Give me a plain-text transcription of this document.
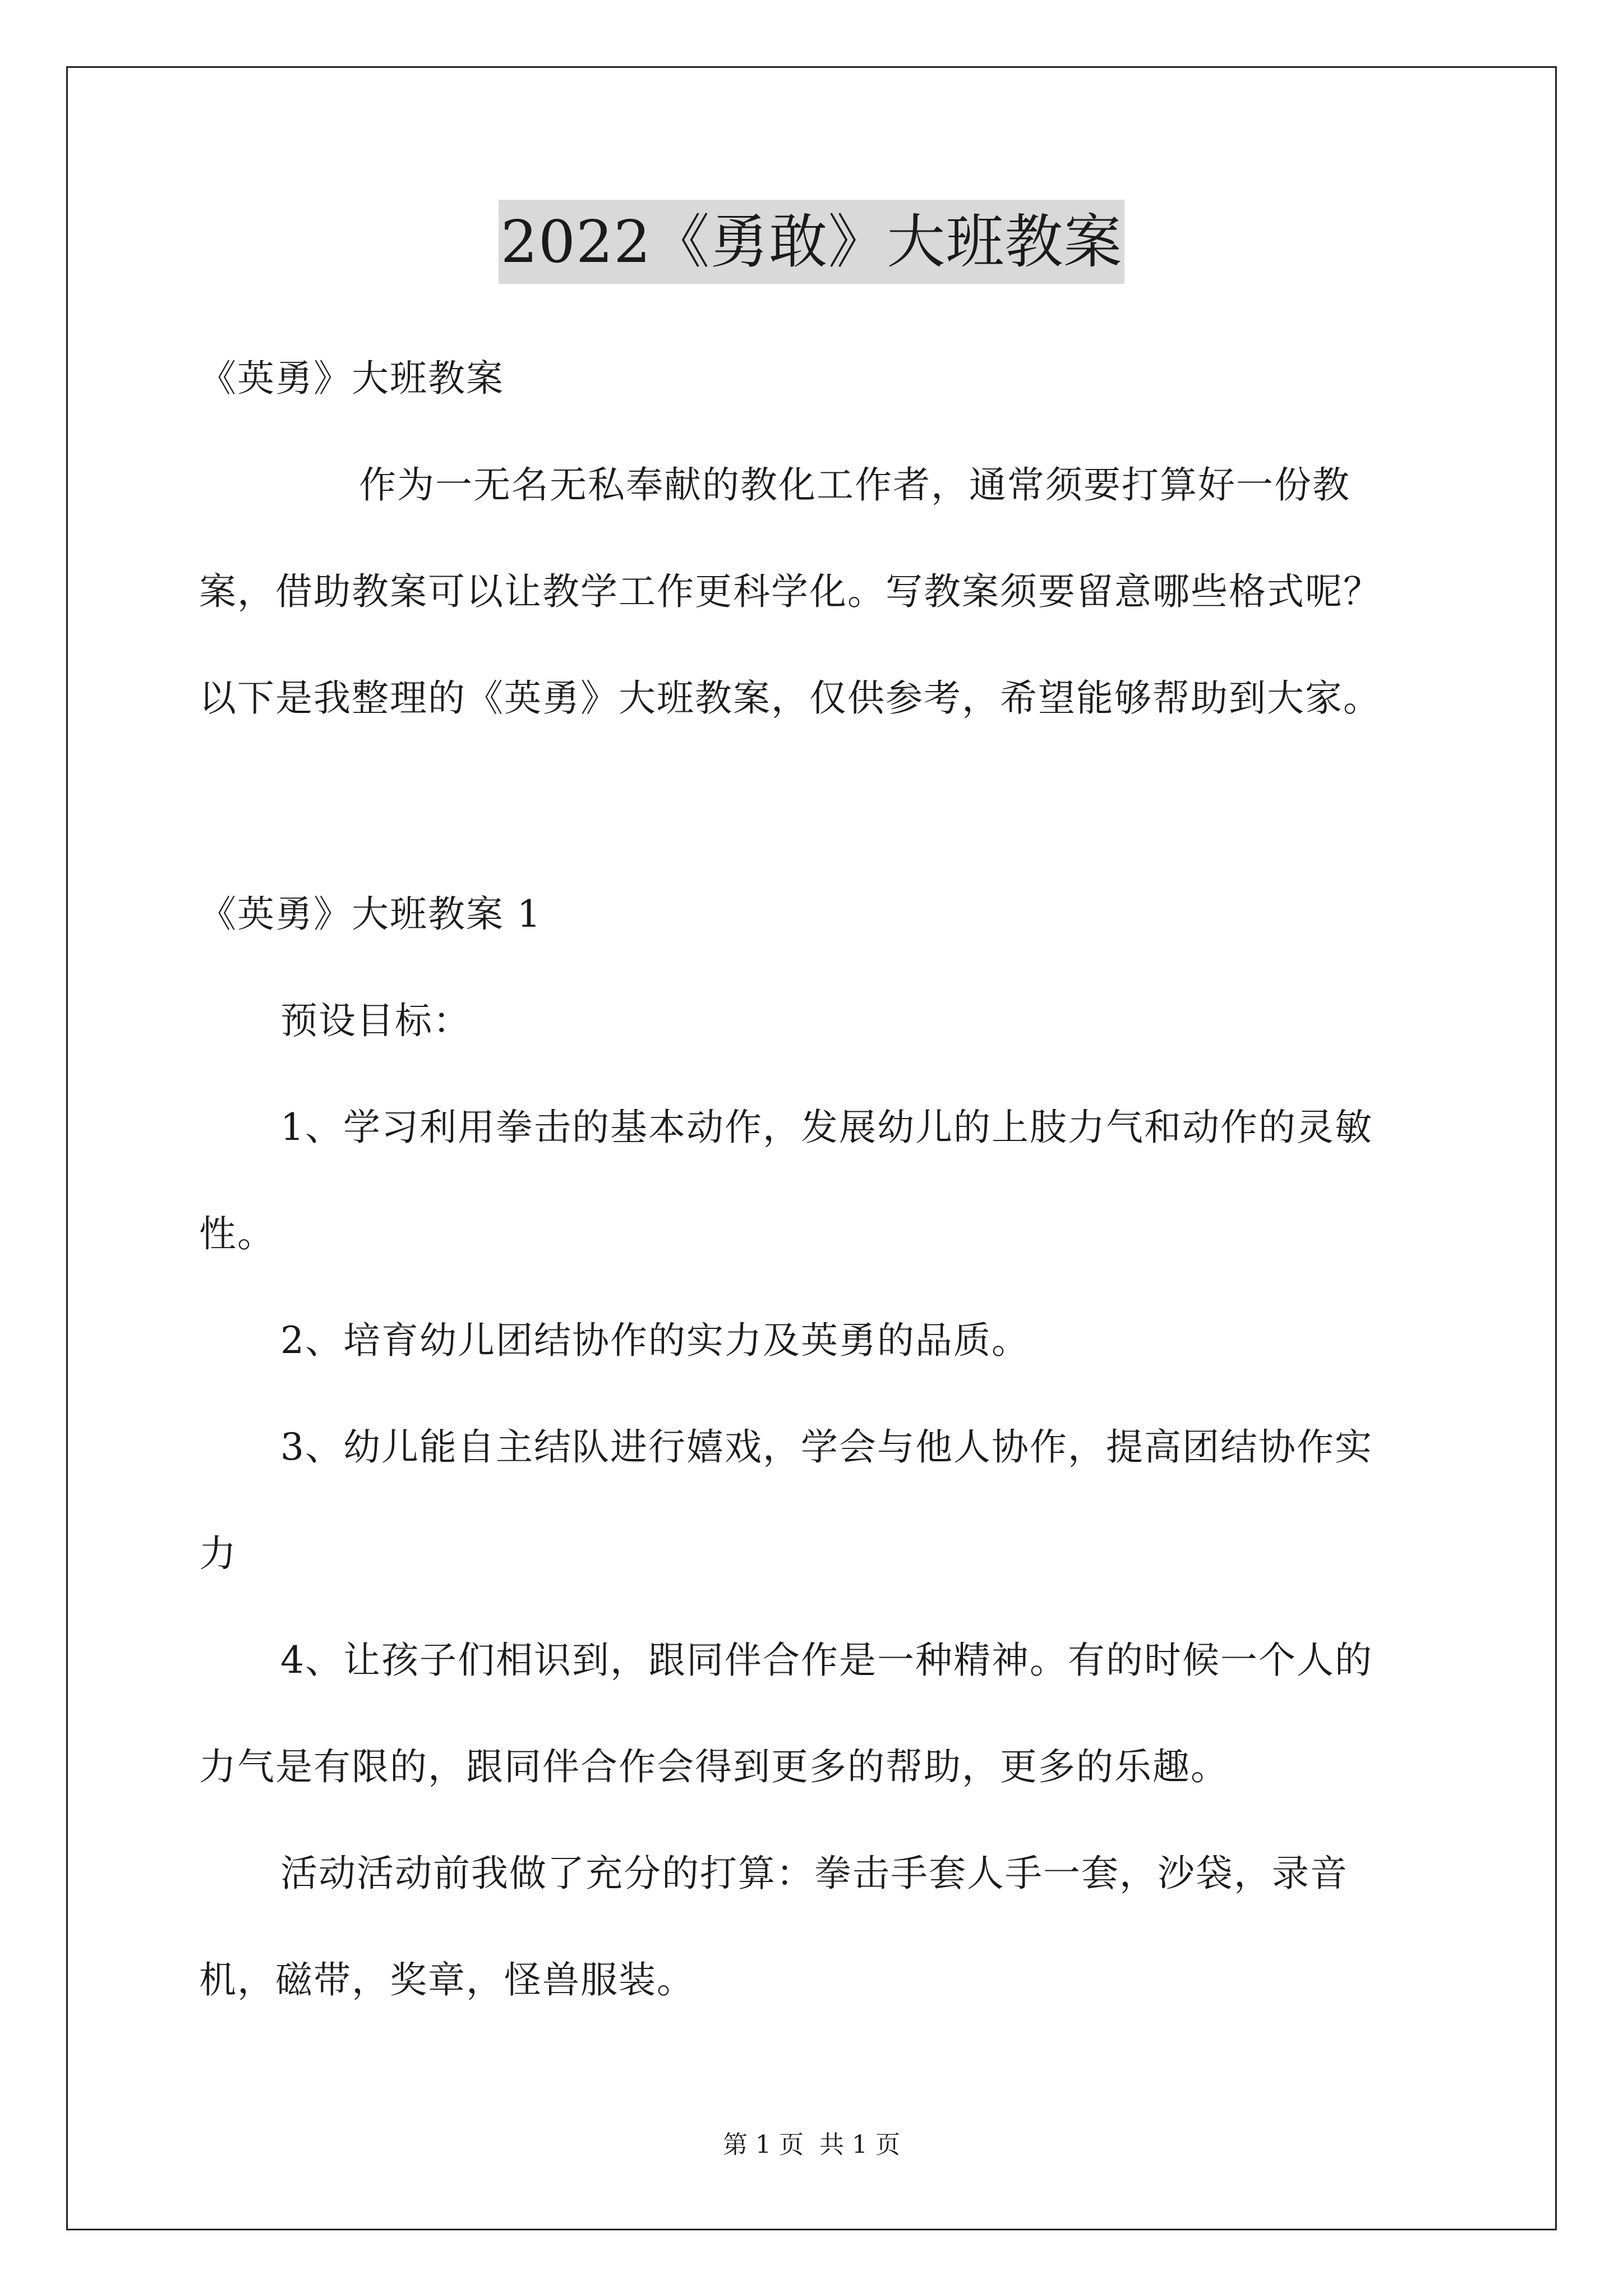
2022《勇敢》大班教案
《英勇》大班教案
作为一无名无私奉献的教化工作者，通常须要打算好一份教
案，借助教案可以让教学工作更科学化。写教案须要留意哪些格式呢？
以下是我整理的《英勇》大班教案，仅供参考，希望能够帮助到大家。
《英勇》大班教案 1
预设目标：
1、学习利用拳击的基本动作，发展幼儿的上肢力气和动作的灵敏
性。
2、培育幼儿团结协作的实力及英勇的品质。
3、幼儿能自主结队进行嬉戏，学会与他人协作，提高团结协作实
力
4、让孩子们相识到，跟同伴合作是一种精神。有的时候一个人的
力气是有限的，跟同伴合作会得到更多的帮助，更多的乐趣。
活动活动前我做了充分的打算：拳击手套人手一套，沙袋，录音
机，磁带，奖章，怪兽服装。
第 1 页 共 1 页
